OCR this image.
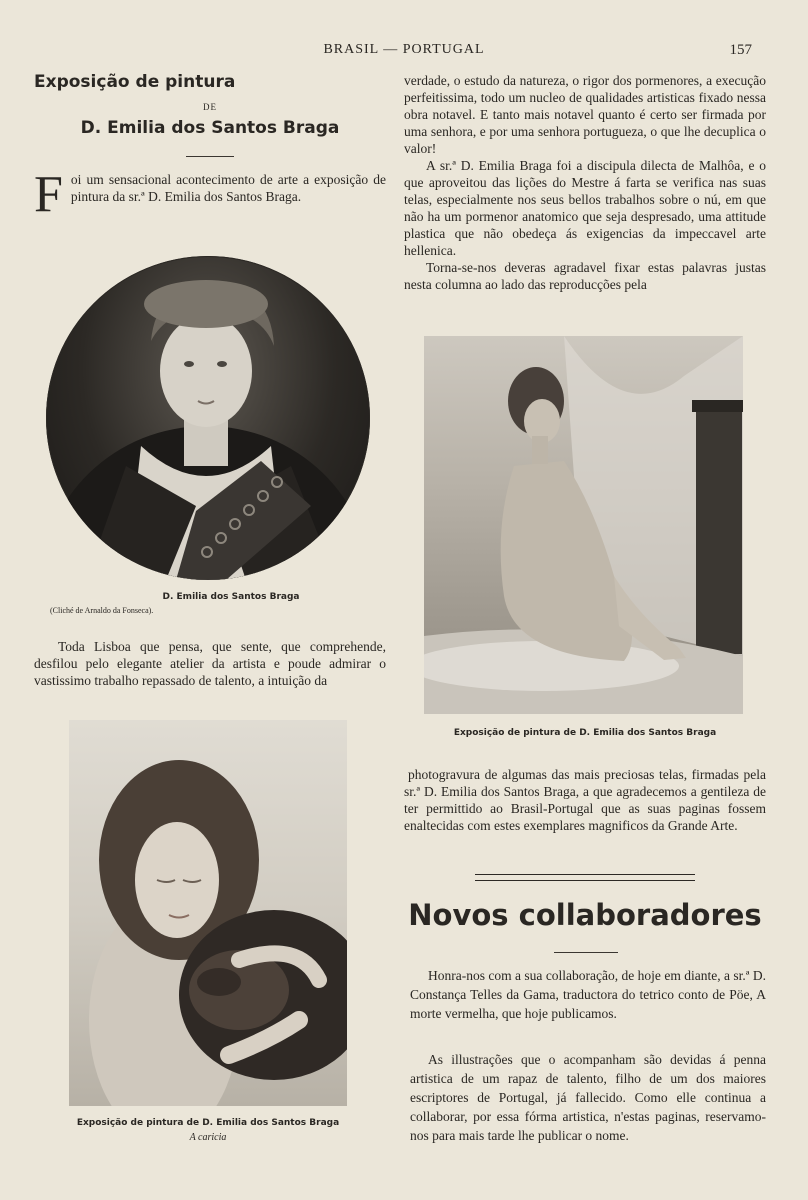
BRASIL — PORTUGAL	157
Exposição de pintura
DE
D. Emilia dos Santos Braga

F oi um sensacional acontecimento de arte a exposição de pintura da sr.ª D. Emilia dos Santos Braga.

D. Emilia dos Santos Braga
(Cliché de Arnaldo da Fonseca).

Toda Lisboa que pensa, que sente, que comprehende, desfilou pelo elegante atelier da artista e poude admirar o vastissimo trabalho repassado de talento, a intuição da

Exposição de pintura de D. Emilia dos Santos Braga
A caricia

verdade, o estudo da natureza, o rigor dos pormenores, a execução perfeitissima, todo um nucleo de qualidades artisticas fixado nessa obra notavel. E tanto mais notavel quanto é certo ser firmada por uma senhora, e por uma senhora portugueza, o que lhe decuplica o valor!

A sr.ª D. Emilia Braga foi a discipula dilecta de Malhôa, e o que aproveitou das lições do Mestre á farta se verifica nas suas telas, especialmente nos seus bellos trabalhos sobre o nú, em que não ha um pormenor anatomico que seja despresado, uma attitude plastica que não obedeça ás exigencias da impeccavel arte hellenica.

Torna-se-nos deveras agradavel fixar estas palavras justas nesta columna ao lado das reproducções pela

Exposição de pintura de D. Emilia dos Santos Braga

photogravura de algumas das mais preciosas telas, firmadas pela sr.ª D. Emilia dos Santos Braga, a que agradecemos a gentileza de ter permittido ao Brasil-Portugal que as suas paginas fossem enaltecidas com estes exemplares magnificos da Grande Arte.

Novos collaboradores

Honra-nos com a sua collaboração, de hoje em diante, a sr.ª D. Constança Telles da Gama, traductora do tetrico conto de Pöe, A morte vermelha, que hoje publicamos.

As illustrações que o acompanham são devidas á penna artistica de um rapaz de talento, filho de um dos maiores escriptores de Portugal, já fallecido. Como elle continua a collaborar, por essa fórma artistica, n'estas paginas, reservamo-nos para mais tarde lhe publicar o nome.
